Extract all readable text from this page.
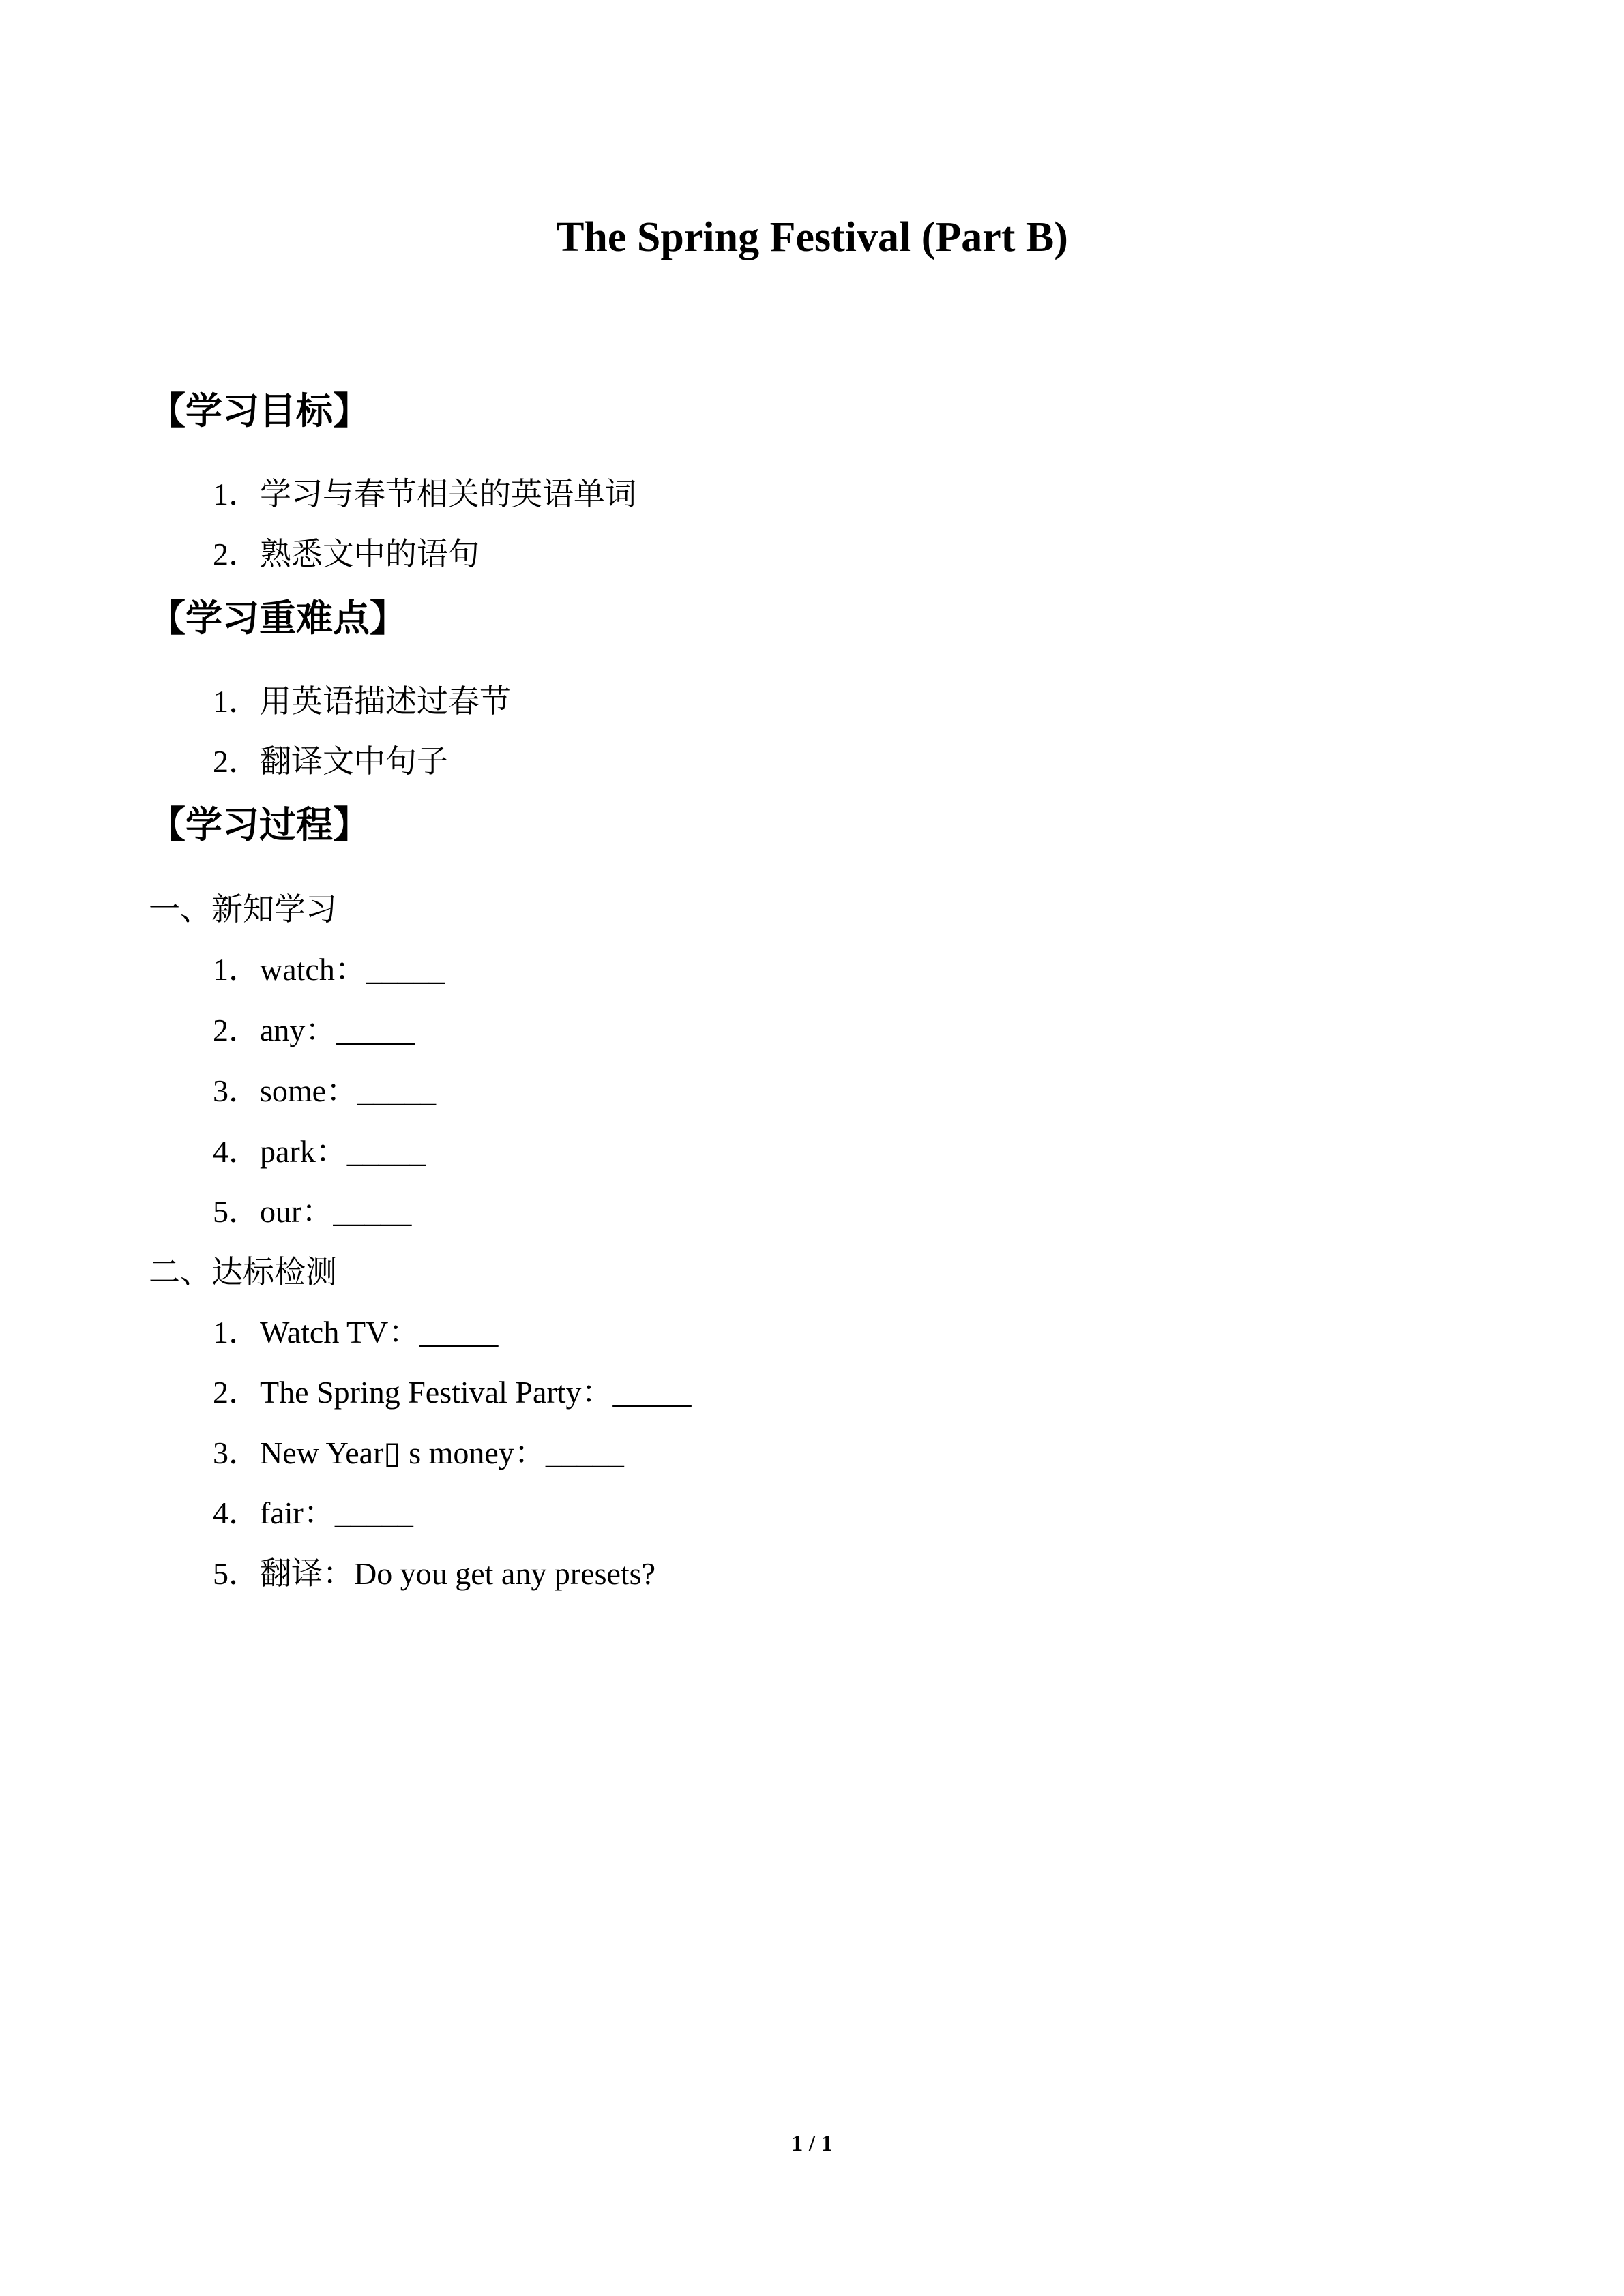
The Spring Festival (Part B)
【学习目标】
1．学习与春节相关的英语单词
2．熟悉文中的语句
【学习重难点】
1．用英语描述过春节
2．翻译文中句子
【学习过程】
一、新知学习
1．watch：_____
2．any：_____
3．some：_____
4．park：_____
5．our：_____
二、达标检测
1．Watch TV：_____
2．The Spring Festival Party：_____
3．New Year▯ s money：_____
4．fair：_____
5．翻译：Do you get any presets?
1 / 1
